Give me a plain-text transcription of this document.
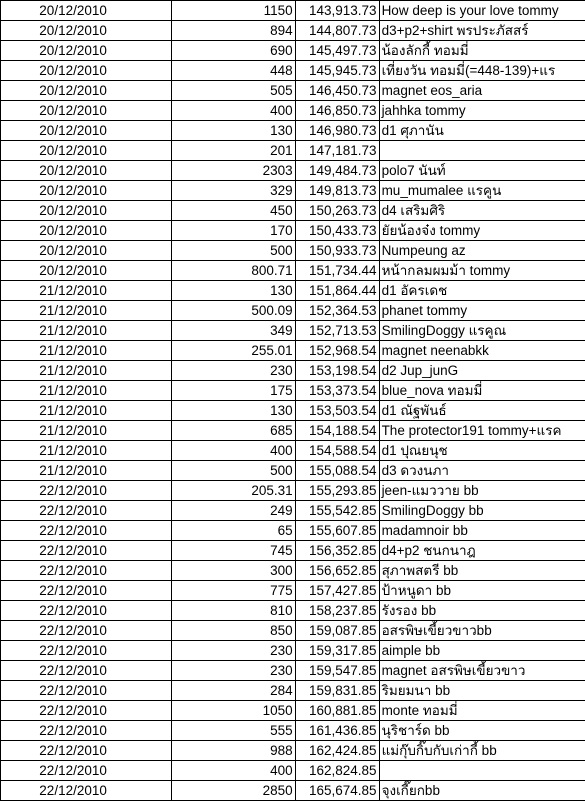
20/12/2010	1150	143,913.73	How deep is your love tommy
20/12/2010	894	144,807.73	d3+p2+shirt พรประภัสสร์
20/12/2010	690	145,497.73	น้องลักกี้ ทอมมี่
20/12/2010	448	145,945.73	เที่ยงวัน ทอมมี่(=448-139)+แร
20/12/2010	505	146,450.73	magnet eos_aria
20/12/2010	400	146,850.73	jahhka tommy
20/12/2010	130	146,980.73	d1 ศุภานัน
20/12/2010	201	147,181.73	
20/12/2010	2303	149,484.73	polo7 นันท์
20/12/2010	329	149,813.73	mu_mumalee แรคูน
20/12/2010	450	150,263.73	d4 เสริมศิริ
20/12/2010	170	150,433.73	ยัยน้องจ๋ง tommy
20/12/2010	500	150,933.73	Numpeung az
20/12/2010	800.71	151,734.44	หน้ากลมผมม้า tommy
21/12/2010	130	151,864.44	d1 อัครเดช
21/12/2010	500.09	152,364.53	phanet tommy
21/12/2010	349	152,713.53	SmilingDoggy แรคูณ
21/12/2010	255.01	152,968.54	magnet neenabkk
21/12/2010	230	153,198.54	d2 Jup_junG
21/12/2010	175	153,373.54	blue_nova ทอมมี่
21/12/2010	130	153,503.54	d1 ณัฐพันธ์
21/12/2010	685	154,188.54	The protector191 tommy+แรค
21/12/2010	400	154,588.54	d1 ปุณยนุช
21/12/2010	500	155,088.54	d3 ดวงนภา
22/12/2010	205.31	155,293.85	jeen-แมววาย bb
22/12/2010	249	155,542.85	SmilingDoggy bb
22/12/2010	65	155,607.85	madamnoir bb
22/12/2010	745	156,352.85	d4+p2 ชนกนาฎ
22/12/2010	300	156,652.85	สุภาพสตรี bb
22/12/2010	775	157,427.85	ป้าหนูดา bb
22/12/2010	810	158,237.85	รังรอง bb
22/12/2010	850	159,087.85	อสรพิษเขี้ยวขาวbb
22/12/2010	230	159,317.85	aimple bb
22/12/2010	230	159,547.85	magnet อสรพิษเขี้ยวขาว
22/12/2010	284	159,831.85	ริมยมนา bb
22/12/2010	1050	160,881.85	monte ทอมมี่
22/12/2010	555	161,436.85	นุริชาร์ด bb
22/12/2010	988	162,424.85	แม่กุ๊บกิ๊บกับเก่ากี้ bb
22/12/2010	400	162,824.85	
22/12/2010	2850	165,674.85	จุงเกี๊ยกbb
